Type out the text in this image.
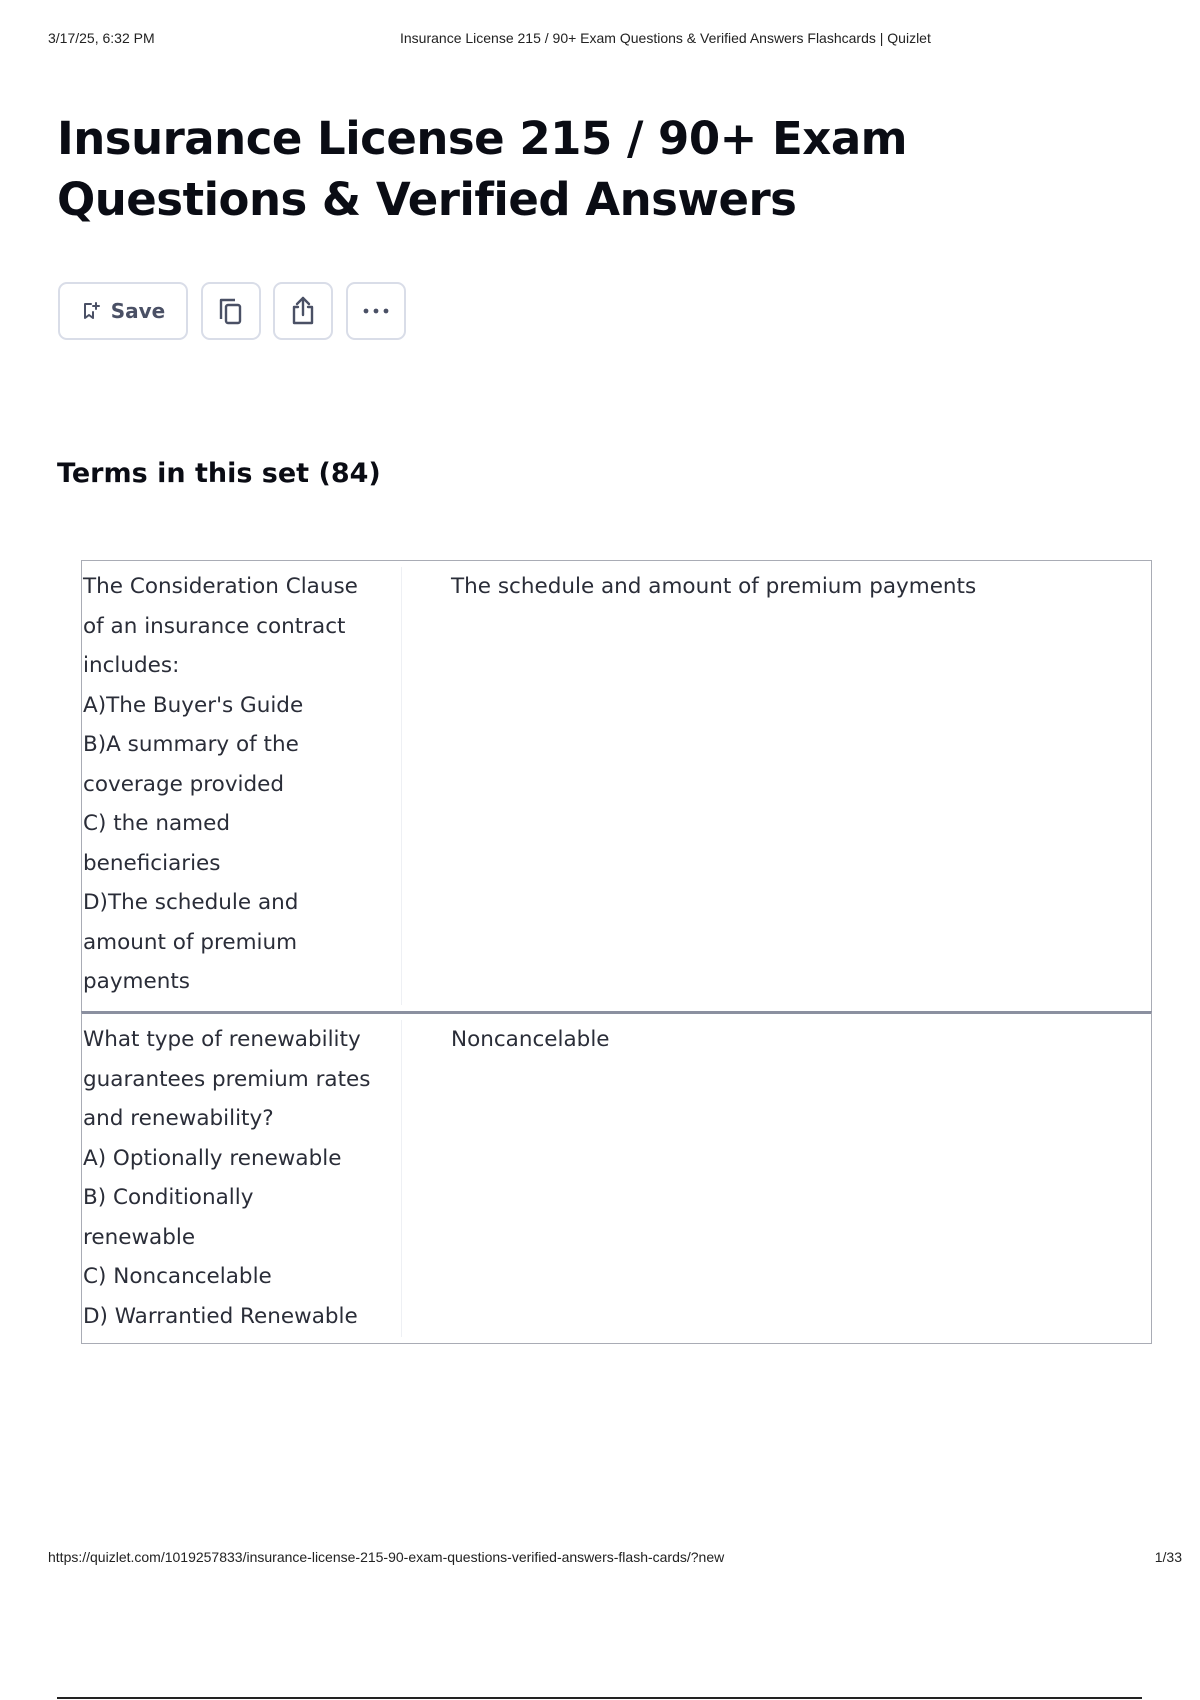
3/17/25, 6:32 PM	Insurance License 215 / 90+ Exam Questions & Verified Answers Flashcards | Quizlet
Insurance License 215 / 90+ Exam Questions & Verified Answers
Save
Terms in this set (84)
The Consideration Clause
of an insurance contract
includes:
A)The Buyer's Guide
B)A summary of the
coverage provided
C) the named
beneficiaries
D)The schedule and
amount of premium
payments
The schedule and amount of premium payments
What type of renewability
guarantees premium rates
and renewability?
A) Optionally renewable
B) Conditionally
renewable
C) Noncancelable
D) Warrantied Renewable
Noncancelable
https://quizlet.com/1019257833/insurance-license-215-90-exam-questions-verified-answers-flash-cards/?new	1/33
